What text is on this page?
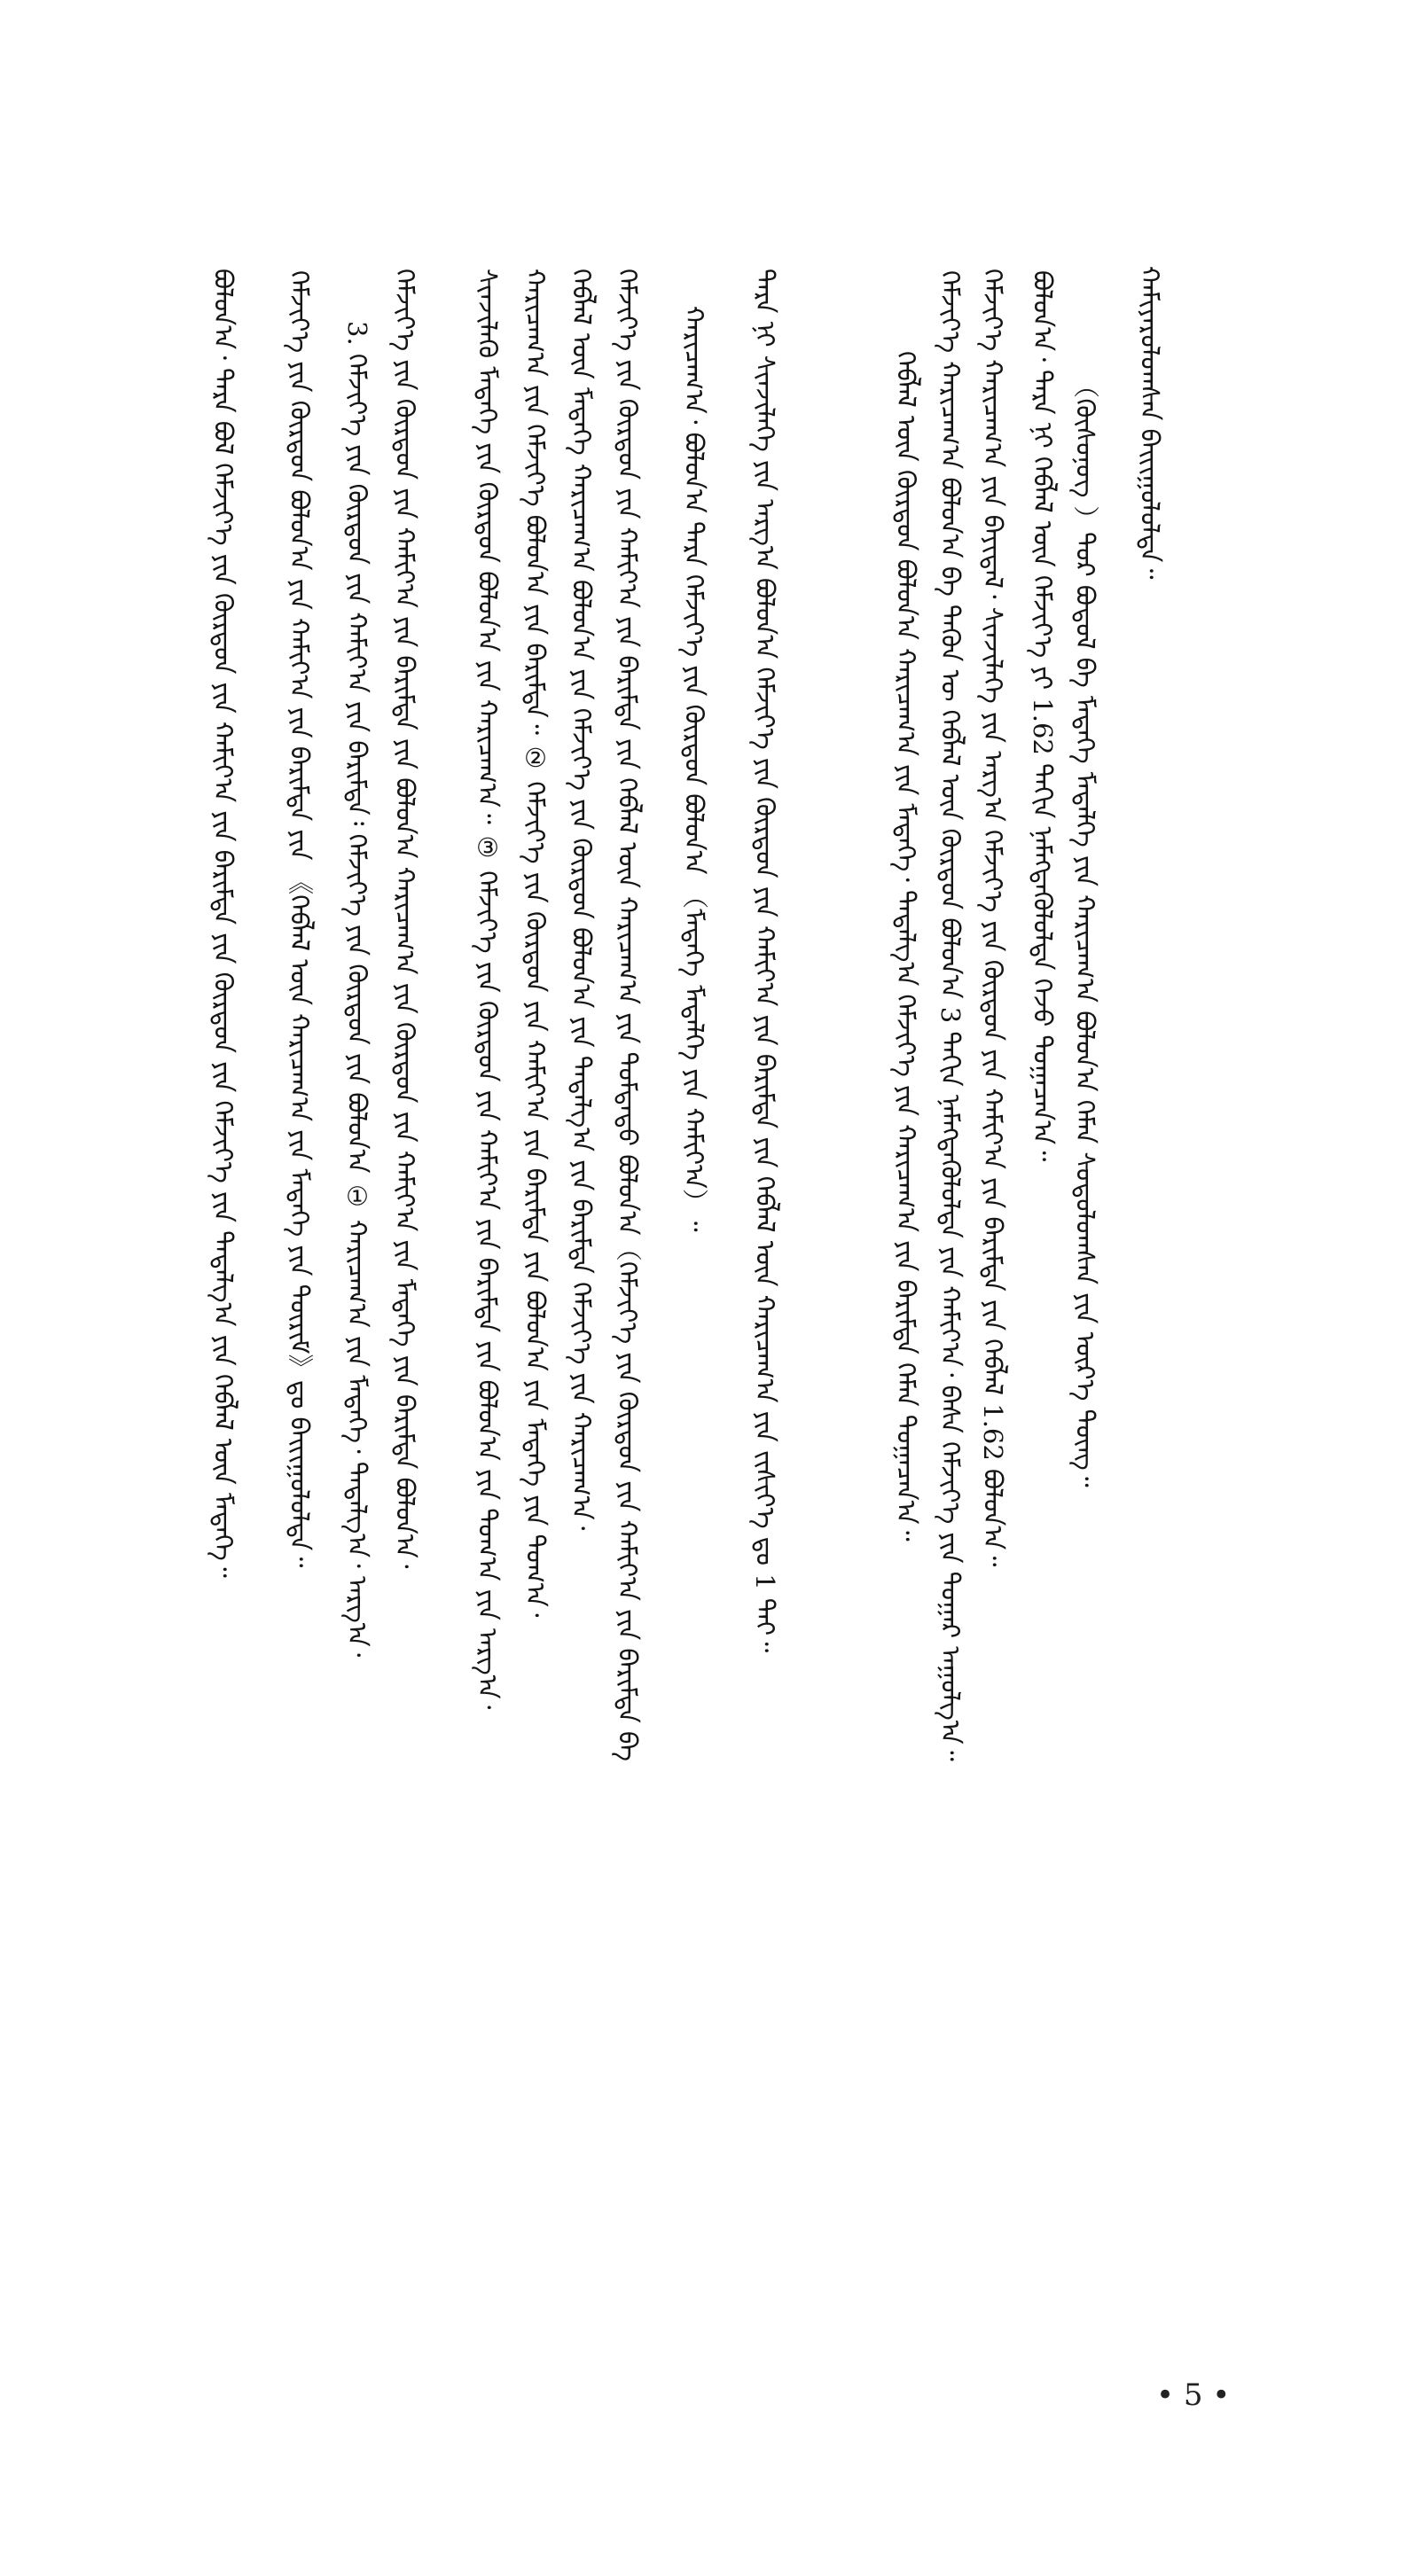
ᠬᠠᠮᠢᠶᠠᠷᠤᠯᠤᠭᠰᠠᠨ ᠪᠠᠢᠢᠭᠤᠯᠤᠯᠳᠠ᠃
（ᠬᠦᠰᠦᠨᠦᠭ ）ᠲᠤᠷ ᠪᠣᠳᠤᠯ ᠪᠠ ᠮᠡᠳᠡᠭᠡ ᠮᠡᠳᠡᠯᠭᠡ ᠶᠢᠨ ᠬᠠᠷᠢᠴᠠᠭ᠎ᠠ ᠪᠣᠯᠤᠨ᠎ᠠ ᠬᠡᠮᠡᠨ ᠰᠤᠳᠤᠯᠤᠭᠰᠠᠨ ᠶᠢᠨ ᠦᠷ᠎ᠡ ᠳᠦᠩ᠃
ᠪᠣᠯᠤᠨ᠎ᠠ᠂ ᠲᠡᠷᠡ ᠨᠢ ᠬᠡᠪᠯᠡᠯ ᠦᠨ ᠬᠡᠮᠵᠢᠶ᠎ᠡ ᠶᠢ 1.62 ᠳᠠᠬᠢᠨ ᠨᠡᠮᠡᠭᠳᠡᠭᠦᠯᠦᠯᠳᠡ ᠭᠡᠵᠦ ᠲᠣᠭᠠᠴᠠᠨ᠎ᠠ᠃
ᠬᠡᠮᠵᠢᠶ᠎ᠡ ᠬᠠᠷᠢᠴᠠᠭ᠎ᠠ ᠶᠢᠨ ᠪᠠᠶᠢᠳᠠᠯ᠂ ᠰᠢᠨᠵᠢᠯᠡᠭᠡ ᠶᠢᠨ ᠠᠷᠭ᠎ᠠ ᠬᠡᠮᠵᠢᠶ᠎ᠡ ᠶᠢᠨ ᠬᠦᠷᠳᠦᠨ ᠶᠢᠨ ᠬᠠᠮᠢᠶ᠎ᠠ ᠶᠢᠨ ᠪᠠᠷᠢᠮᠲᠠ ᠶᠢᠨ ᠬᠡᠪᠯᠡᠯ 1.62 ᠪᠣᠯᠤᠨ᠎ᠠ᠃
ᠬᠡᠮᠵᠢᠶ᠎ᠡ ᠬᠠᠷᠢᠴᠠᠭ᠎ᠠ ᠪᠣᠯᠤᠨ᠎ᠠ ᠪᠠ ᠲᠡᠭᠦᠨ ᠦ ᠬᠡᠪᠯᠡᠯ ᠦᠨ ᠬᠦᠷᠳᠦᠨ ᠪᠣᠯᠤᠨ᠎ᠠ 3 ᠳᠠᠬᠢᠨ ᠨᠡᠮᠡᠭᠳᠡᠭᠦᠯᠦᠯᠳᠡ ᠶᠢᠨ ᠬᠠᠮᠢᠶ᠎ᠠ᠂ ᠪᠠᠰᠠ ᠬᠡᠮᠵᠢᠶ᠎ᠡ ᠶᠢᠨ ᠲᠤᠭᠠᠷ ᠠᠭᠤᠯᠭ᠎ᠠ᠃
ᠬᠡᠪᠯᠡᠯ ᠦᠨ ᠬᠦᠷᠳᠦᠨ ᠪᠣᠯᠤᠨ᠎ᠠ ᠬᠠᠷᠢᠴᠠᠭ᠎ᠠ ᠶᠢᠨ ᠮᠡᠳᠡᠭᠡ᠂ ᠲᠠᠲᠠᠯᠭ᠎ᠠ ᠬᠡᠮᠵᠢᠶ᠎ᠡ ᠶᠢᠨ ᠬᠠᠷᠢᠴᠠᠭ᠎ᠠ ᠶᠢᠨ ᠪᠠᠷᠢᠮᠲᠠ ᠬᠡᠮᠡᠨ ᠲᠣᠭᠠᠴᠠᠨ᠎ᠠ᠃
ᠲᠡᠷᠡ ᠨᠢ ᠰᠢᠨᠵᠢᠯᠡᠭᠡ ᠶᠢᠨ ᠠᠷᠭ᠎ᠠ ᠪᠣᠯᠤᠨ᠎ᠠ ᠬᠡᠮᠵᠢᠶ᠎ᠡ ᠶᠢᠨ ᠬᠦᠷᠳᠦᠨ ᠶᠢᠨ ᠬᠠᠮᠢᠶ᠎ᠠ ᠶᠢᠨ ᠪᠠᠷᠢᠮᠲᠠ ᠶᠢᠨ ᠬᠡᠪᠯᠡᠯ ᠦᠨ ᠬᠠᠷᠢᠴᠠᠭ᠎ᠠ ᠶᠢᠨ ᠵᠢᠱᠢᠶ᠎ᠡ ᠳᠤ 1 ᠲᠠᠢ᠃
ᠬᠠᠷᠢᠴᠠᠭ᠎ᠠ᠂ ᠪᠣᠯᠤᠨ᠎ᠠ ᠲᠡᠷᠡ ᠬᠡᠮᠵᠢᠶ᠎ᠡ ᠶᠢᠨ ᠬᠦᠷᠳᠦᠨ ᠪᠣᠯᠤᠨ᠎ᠠ （ᠮᠡᠳᠡᠭᠡ ᠮᠡᠳᠡᠯᠭᠡ ᠶᠢᠨ ᠬᠠᠮᠢᠶ᠎ᠠ）᠃
ᠬᠡᠮᠵᠢᠶ᠎ᠡ ᠶᠢᠨ ᠬᠦᠷᠳᠦᠨ ᠶᠢᠨ ᠬᠠᠮᠢᠶ᠎ᠠ ᠶᠢᠨ ᠪᠠᠷᠢᠮᠲᠠ ᠶᠢᠨ ᠬᠡᠪᠯᠡᠯ ᠦᠨ ᠬᠠᠷᠢᠴᠠᠭ᠎ᠠ ᠶᠢᠨ ᠳᠤᠮᠳᠠᠳᠤ ᠪᠣᠯᠤᠨ᠎ᠠ（ᠬᠡᠮᠵᠢᠶ᠎ᠡ ᠶᠢᠨ ᠬᠦᠷᠳᠦᠨ ᠶᠢᠨ ᠬᠠᠮᠢᠶ᠎ᠠ ᠶᠢᠨ ᠪᠠᠷᠢᠮᠲᠠ ᠪᠠ
ᠬᠡᠪᠯᠡᠯ ᠦᠨ ᠮᠡᠳᠡᠭᠡ ᠬᠠᠷᠢᠴᠠᠭ᠎ᠠ ᠪᠣᠯᠤᠨ᠎ᠠ ᠶᠢᠨ ᠬᠡᠮᠵᠢᠶ᠎ᠡ ᠶᠢᠨ ᠬᠦᠷᠳᠦᠨ ᠪᠣᠯᠤᠨ᠎ᠠ ᠶᠢᠨ ᠲᠠᠲᠠᠯᠭ᠎ᠠ ᠶᠢᠨ ᠪᠠᠷᠢᠮᠲᠠ ᠬᠡᠮᠵᠢᠶ᠎ᠡ ᠶᠢᠨ ᠬᠠᠷᠢᠴᠠᠭ᠎ᠠ᠂
ᠬᠠᠷᠢᠴᠠᠭ᠎ᠠ ᠶᠢᠨ ᠬᠡᠮᠵᠢᠶ᠎ᠡ ᠪᠣᠯᠤᠨ᠎ᠠ ᠶᠢᠨ ᠪᠠᠷᠢᠮᠲᠠ᠃ ② ᠬᠡᠮᠵᠢᠶ᠎ᠡ ᠶᠢᠨ ᠬᠦᠷᠳᠦᠨ ᠶᠢᠨ ᠬᠠᠮᠢᠶ᠎ᠠ ᠶᠢᠨ ᠪᠠᠷᠢᠮᠲᠠ ᠶᠢᠨ ᠪᠣᠯᠤᠨ᠎ᠠ ᠶᠢᠨ ᠮᠡᠳᠡᠭᠡ ᠶᠢᠨ ᠲᠣᠭ᠎ᠠ᠂
ᠰᠢᠨᠵᠢᠯᠡᠬᠦ ᠮᠡᠳᠡᠭᠡ ᠶᠢᠨ ᠬᠦᠷᠳᠦᠨ ᠪᠣᠯᠤᠨ᠎ᠠ ᠶᠢᠨ ᠬᠠᠷᠢᠴᠠᠭ᠎ᠠ᠃ ③ ᠬᠡᠮᠵᠢᠶ᠎ᠡ ᠶᠢᠨ ᠬᠦᠷᠳᠦᠨ ᠶᠢᠨ ᠬᠠᠮᠢᠶ᠎ᠠ ᠶᠢᠨ ᠪᠠᠷᠢᠮᠲᠠ ᠶᠢᠨ ᠪᠣᠯᠤᠨ᠎ᠠ ᠶᠢᠨ ᠲᠣᠭ᠎ᠠ ᠶᠢᠨ ᠠᠷᠭ᠎ᠠ᠂
ᠬᠡᠮᠵᠢᠶ᠎ᠡ ᠶᠢᠨ ᠬᠦᠷᠳᠦᠨ ᠶᠢᠨ ᠬᠠᠮᠢᠶ᠎ᠠ ᠶᠢᠨ ᠪᠠᠷᠢᠮᠲᠠ ᠶᠢᠨ ᠪᠣᠯᠤᠨ᠎ᠠ ᠬᠠᠷᠢᠴᠠᠭ᠎ᠠ ᠶᠢᠨ ᠬᠦᠷᠳᠦᠨ ᠶᠢᠨ ᠬᠠᠮᠢᠶ᠎ᠠ ᠶᠢᠨ ᠮᠡᠳᠡᠭᠡ ᠶᠢᠨ ᠪᠠᠷᠢᠮᠲᠠ ᠪᠣᠯᠤᠨ᠎ᠠ᠂
3. ᠬᠡᠮᠵᠢᠶ᠎ᠡ ᠶᠢᠨ ᠬᠦᠷᠳᠦᠨ ᠶᠢᠨ ᠬᠠᠮᠢᠶ᠎ᠠ ᠶᠢᠨ ᠪᠠᠷᠢᠮᠲᠠ᠄ ᠬᠡᠮᠵᠢᠶ᠎ᠡ ᠶᠢᠨ ᠬᠦᠷᠳᠦᠨ ᠶᠢᠨ ᠪᠣᠯᠤᠨ᠎ᠠ ① ᠬᠠᠷᠢᠴᠠᠭ᠎ᠠ ᠶᠢᠨ ᠮᠡᠳᠡᠭᠡ᠂ ᠲᠠᠲᠠᠯᠭ᠎ᠠ᠂ ᠠᠷᠭ᠎ᠠ᠂
ᠬᠡᠮᠵᠢᠶ᠎ᠡ ᠶᠢᠨ ᠬᠦᠷᠳᠦᠨ ᠪᠣᠯᠤᠨ᠎ᠠ ᠶᠢᠨ ᠬᠠᠮᠢᠶ᠎ᠠ ᠶᠢᠨ ᠪᠠᠷᠢᠮᠲᠠ ᠶᠢᠨ 《ᠬᠡᠪᠯᠡᠯ ᠦᠨ ᠬᠠᠷᠢᠴᠠᠭ᠎ᠠ ᠶᠢᠨ ᠮᠡᠳᠡᠭᠡ ᠶᠢᠨ ᠳᠦᠷᠢᠮ》ᠳᠤ ᠪᠠᠢᠢᠭᠤᠯᠤᠯᠳᠠ᠃
ᠪᠣᠯᠤᠨ᠎ᠠ᠂ ᠲᠡᠷᠡ ᠪᠣᠯ ᠬᠡᠮᠵᠢᠶ᠎ᠡ ᠶᠢᠨ ᠬᠦᠷᠳᠦᠨ ᠶᠢᠨ ᠬᠠᠮᠢᠶ᠎ᠠ ᠶᠢᠨ ᠪᠠᠷᠢᠮᠲᠠ ᠶᠢᠨ ᠬᠦᠷᠳᠦᠨ ᠶᠢᠨ ᠬᠡᠮᠵᠢᠶ᠎ᠡ ᠶᠢᠨ ᠲᠠᠲᠠᠯᠭ᠎ᠠ ᠶᠢᠨ ᠬᠡᠪᠯᠡᠯ ᠦᠨ ᠮᠡᠳᠡᠭᠡ᠃
• 5 •
